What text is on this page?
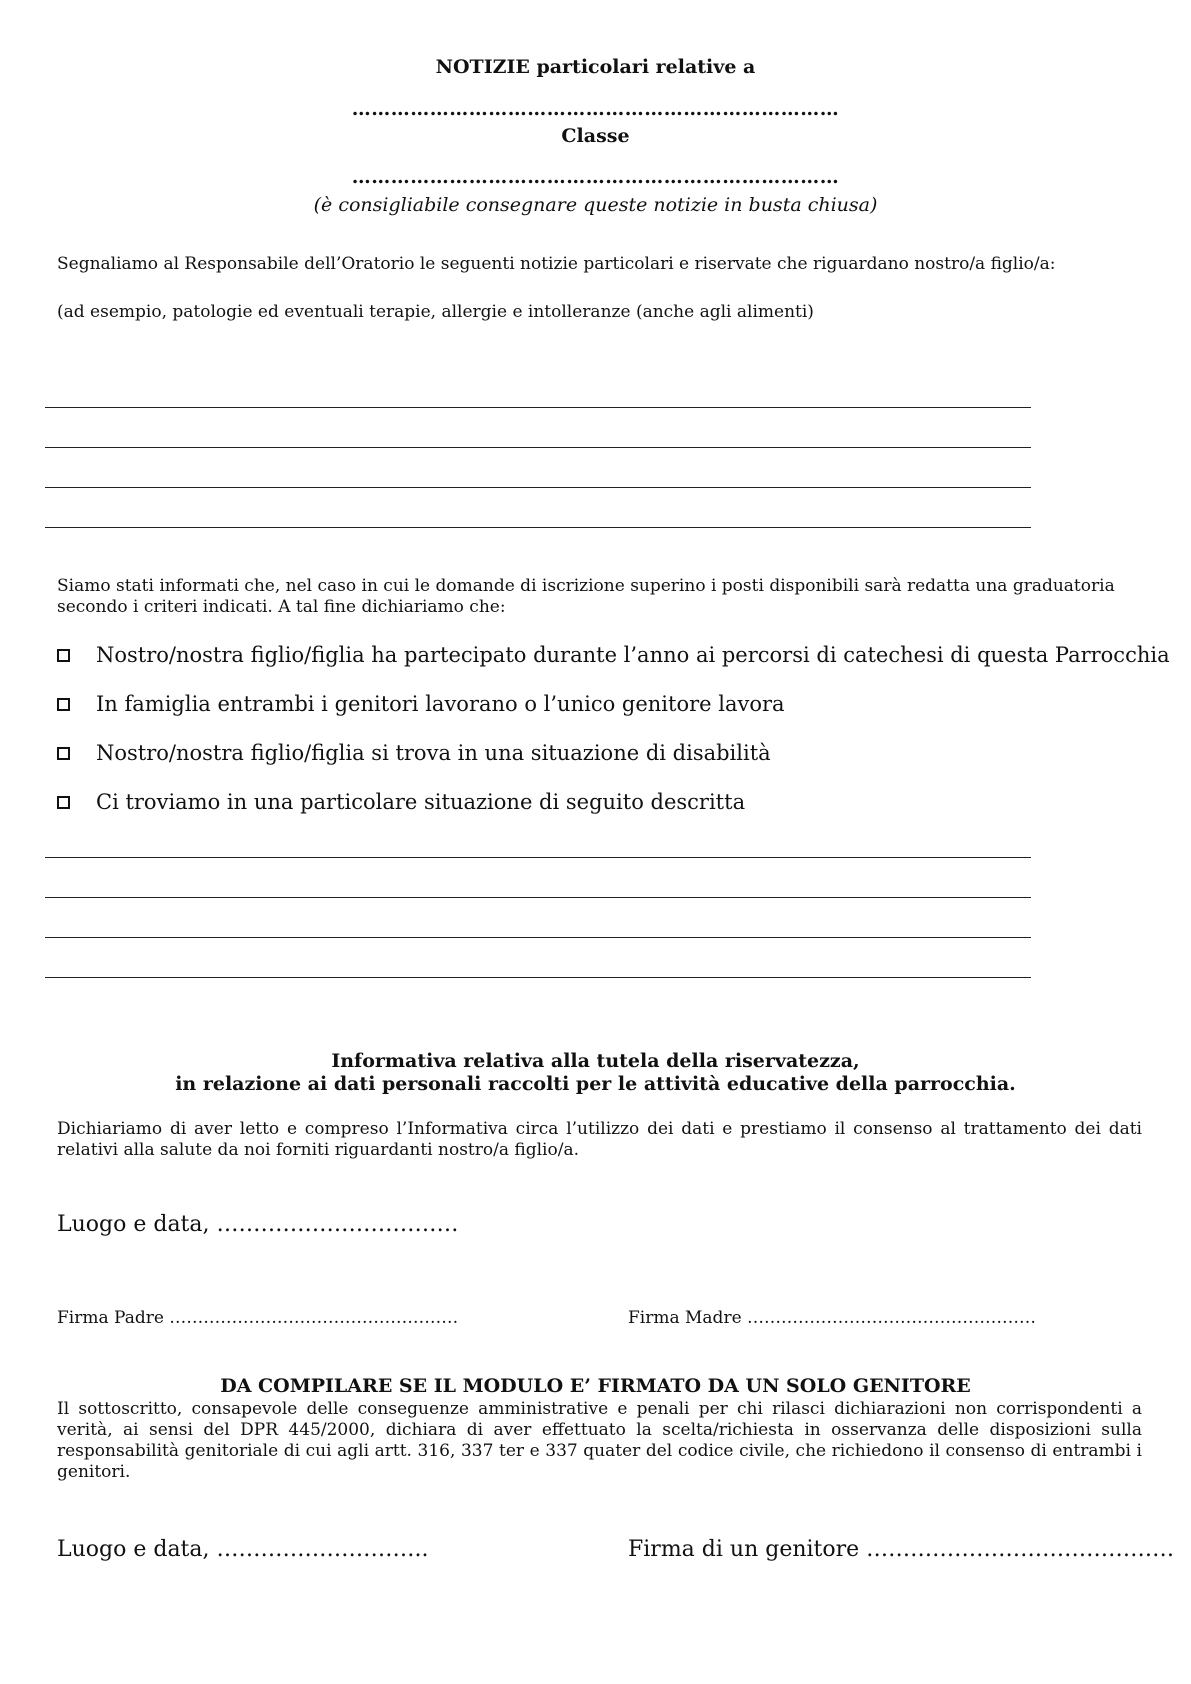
NOTIZIE particolari relative a
…………………………………………………………………
Classe
…………………………………………………………………
(è consigliabile consegnare queste notizie in busta chiusa)
Segnaliamo al Responsabile dell’Oratorio le seguenti notizie particolari e riservate che riguardano nostro/a figlio/a:
(ad esempio, patologie ed eventuali terapie, allergie e intolleranze (anche agli alimenti)
Siamo stati informati che, nel caso in cui le domande di iscrizione superino i posti disponibili sarà redatta una graduatoria secondo i criteri indicati. A tal fine dichiariamo che:
Nostro/nostra figlio/figlia ha partecipato durante l’anno ai percorsi di catechesi di questa Parrocchia
In famiglia entrambi i genitori lavorano o l’unico genitore lavora
Nostro/nostra figlio/figlia si trova in una situazione di disabilità
Ci troviamo in una particolare situazione di seguito descritta
Informativa relativa alla tutela della riservatezza,
in relazione ai dati personali raccolti per le attività educative della parrocchia.
Dichiariamo di aver letto e compreso l’Informativa circa l’utilizzo dei dati e prestiamo il consenso al trattamento dei dati relativi alla salute da noi forniti riguardanti nostro/a figlio/a.
Luogo e data, ……………………………
Firma Padre ……………………………………………	Firma Madre ……………………………………………
DA COMPILARE SE IL MODULO E’ FIRMATO DA UN SOLO GENITORE
Il sottoscritto, consapevole delle conseguenze amministrative e penali per chi rilasci dichiarazioni non corrispondenti a verità, ai sensi del DPR 445/2000, dichiara di aver effettuato la scelta/richiesta in osservanza delle disposizioni sulla responsabilità genitoriale di cui agli artt. 316, 337 ter e 337 quater del codice civile, che richiedono il consenso di entrambi i genitori.
Luogo e data, ………………………..	Firma di un genitore ……………………………………
